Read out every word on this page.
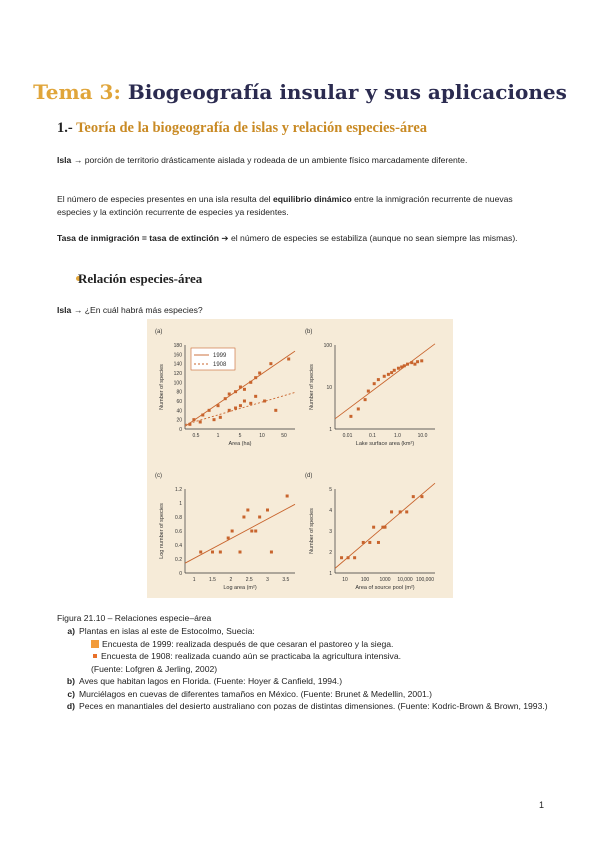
Tema 3: Biogeografía insular y sus aplicaciones
1.- Teoría de la biogeografía de islas y relación especies-área
Isla → porción de territorio drásticamente aislada y rodeada de un ambiente físico marcadamente diferente.
El número de especies presentes en una isla resulta del equilibrio dinámico entre la inmigración recurrente de nuevas especies y la extinción recurrente de especies ya residentes.
Tasa de inmigración = tasa de extinción ➔ el número de especies se estabiliza (aunque no sean siempre las mismas).
Relación especies-área
Isla → ¿En cuál habrá más especies?
(a)
0.5	1	5	10	50
0
20
40
60
80
100
120
140
160
180
Area (ha)
Number of species
1999
1908
(b)
0.01	0.1	1.0	10.0
1
10
100
Lake surface area (km²)
Number of species
(c)
1	1.5	2	2.5	3	3.5
0
0.2
0.4
0.6
0.8
1
1.2
Log area (m²)
Log number of species
(d)
10	100 1000 10,000 100,000
1
2
3
4
5
Area of source pool (m²)
Number of species
Figura 21.10 – Relaciones especie–área
a) Plantas en islas al este de Estocolmo, Suecia:
Encuesta de 1999: realizada después de que cesaran el pastoreo y la siega.
Encuesta de 1908: realizada cuando aún se practicaba la agricultura intensiva.
(Fuente: Lofgren & Jerling, 2002)
b) Aves que habitan lagos en Florida. (Fuente: Hoyer & Canfield, 1994.)
c) Murciélagos en cuevas de diferentes tamaños en México. (Fuente: Brunet & Medellin, 2001.)
d) Peces en manantiales del desierto australiano con pozas de distintas dimensiones. (Fuente: Kodric-Brown & Brown, 1993.)
1
